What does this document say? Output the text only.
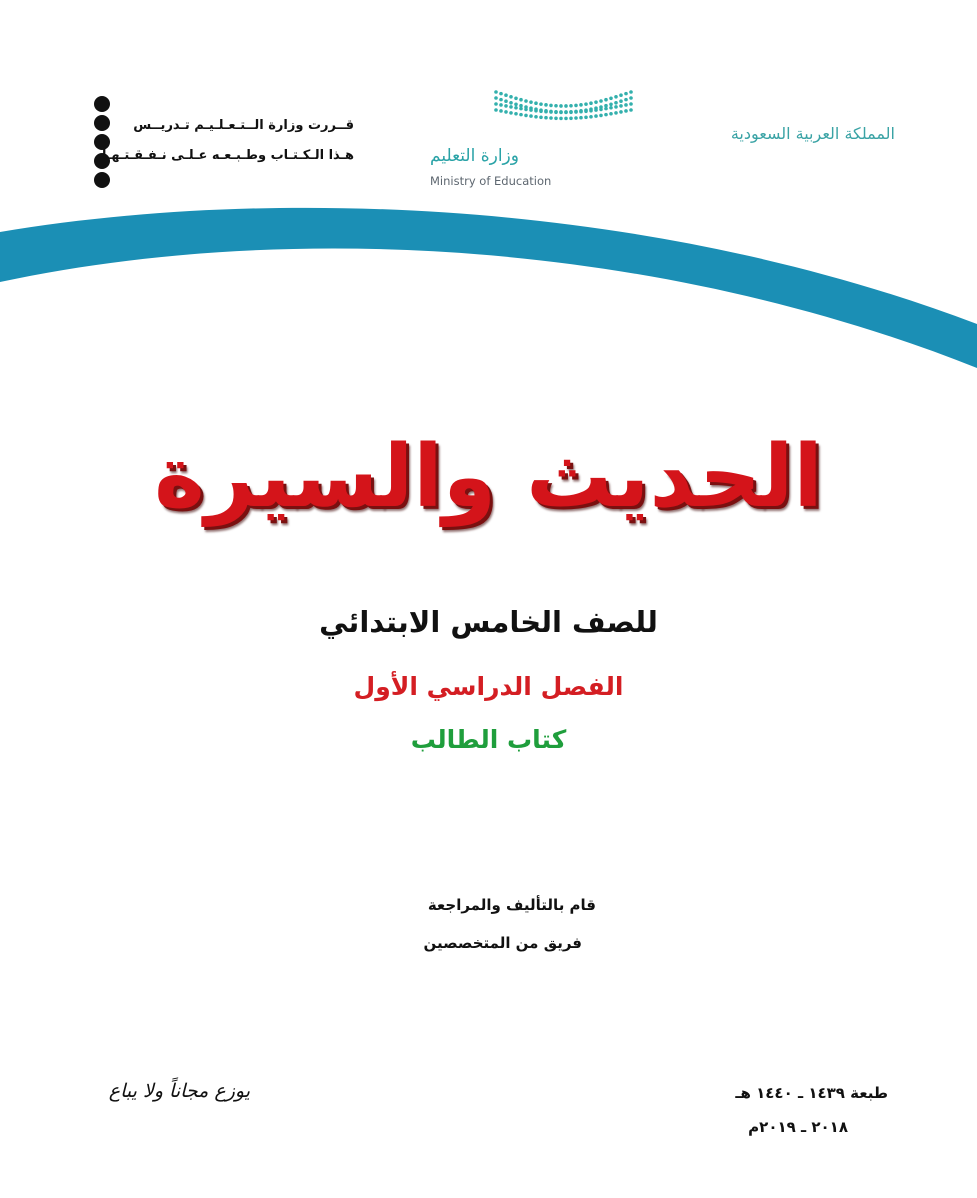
المملكة العربية السعودية
وزارة التعليم
Ministry of Education
قــررت وزارة الــتـعـلـيـم تـدريــس
هـذا الـكـتـاب وطـبـعـه عـلـى نـفـقـتـهـا
الحديث والسيرة
للصف الخامس الابتدائي
الفصل الدراسي الأول
كتاب الطالب
قام بالتأليف والمراجعة
فريق من المتخصصين
يوزع مجاناً ولا يباع	طبعة ١٤٣٩ ـ ١٤٤٠ هـ
٢٠١٨ ـ ٢٠١٩م
